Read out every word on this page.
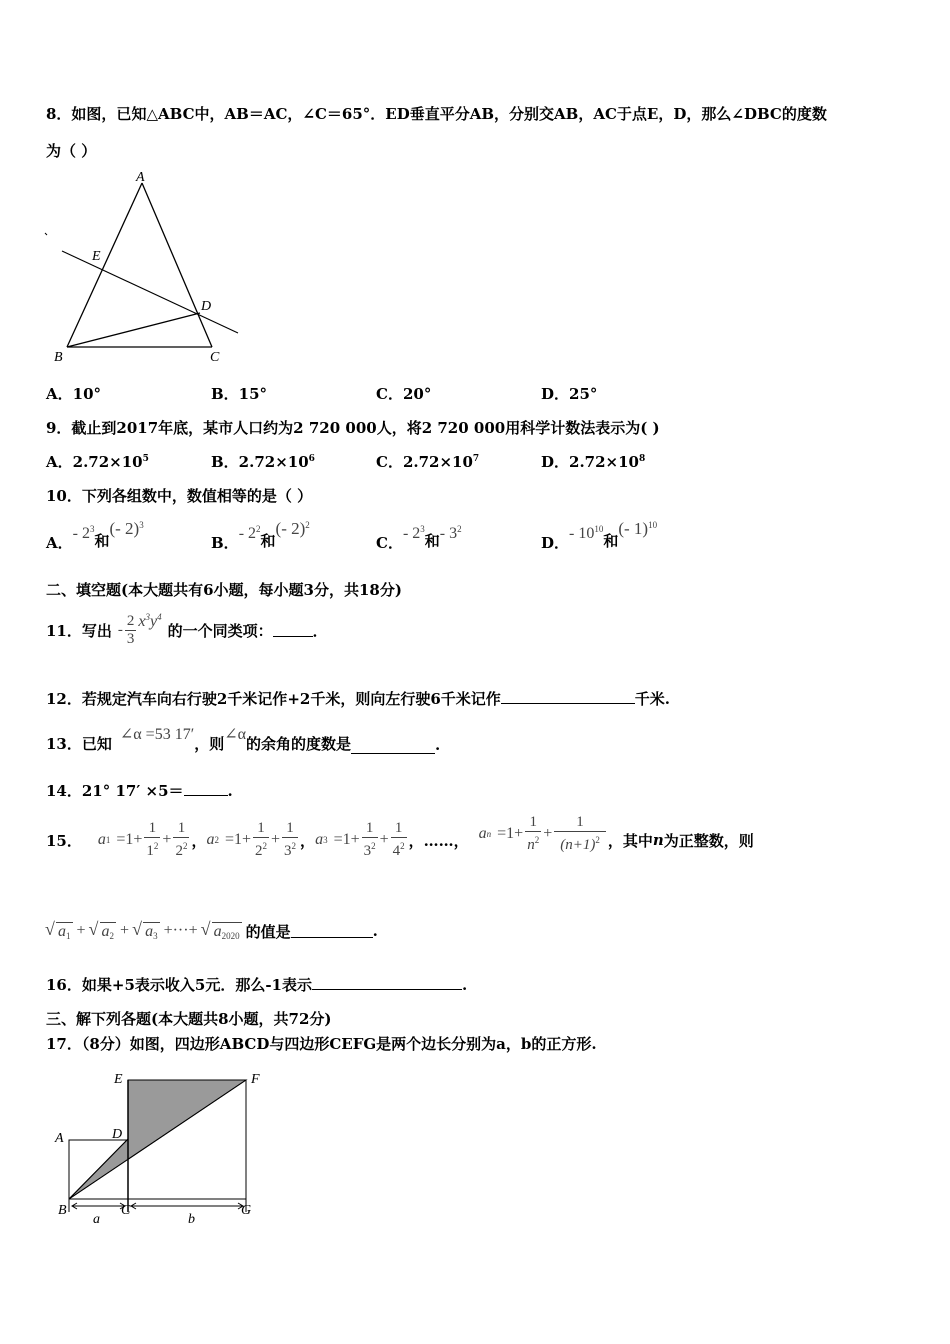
8．如图，已知△ABC中，AB＝AC，∠C＝65°．ED垂直平分AB，分别交AB，AC于点E，D，那么∠DBC的度数
为（ ）
A
E
D
B	C
A．10°	B．15°	C．20°	D．25°
9．截止到2017年底，某市人口约为2 720 000人，将2 720 000用科学计数法表示为( )
A．$2.72\times 10^5$	B．$2.72\times 10^6$	C．$2.72\times 10^7$	D．$2.72\times 10^8$
10．下列各组数中，数值相等的是（ ）
A．- $2^3$和(- 2)$^3$
B．- $2^2$和(- 2)$^2$
C．- $2^3$和- $3^2$
D．- $10^{10}$和(- 1)$^{10}$
二、填空题(本大题共有6小题，每小题3分，共18分)
11．写出 - $\frac{2}{3} x^3y^4$
的一个同类项：	．
12．若规定汽车向右行驶2千米记作+2千米，则向左行驶6千米记作	千米.
13．已知
∠α =53 17′
，则
∠α
的余角的度数是	.
14．21° 17′ ×5＝	.
15． a $1 =1+ \frac{1}{1^2} + \frac{1}{2^2}$ ， a $2 =1+ \frac{1}{2^2} + \frac{1}{3^2}$ ， a $3 =1+ \frac{1}{3^2} + \frac{1}{4^2}$ ，……， a $n =1+ \frac{1}{n^2} + \frac{1}{(n+1)^2}$ ，其中 n 为正整数，则
√ $a_1$ + √ $a_2$ + √ $a_3$ +···+ √ $a_{2020}$ 的值是	.
16．如果+5表示收入5元．那么-1表示	.
三、解下列各题(本大题共8小题，共72分)
17．（8分）如图，四边形ABCD与四边形CEFG是两个边长分别为a，b的正方形.
E	F
D
A
B	C	G
a	b
